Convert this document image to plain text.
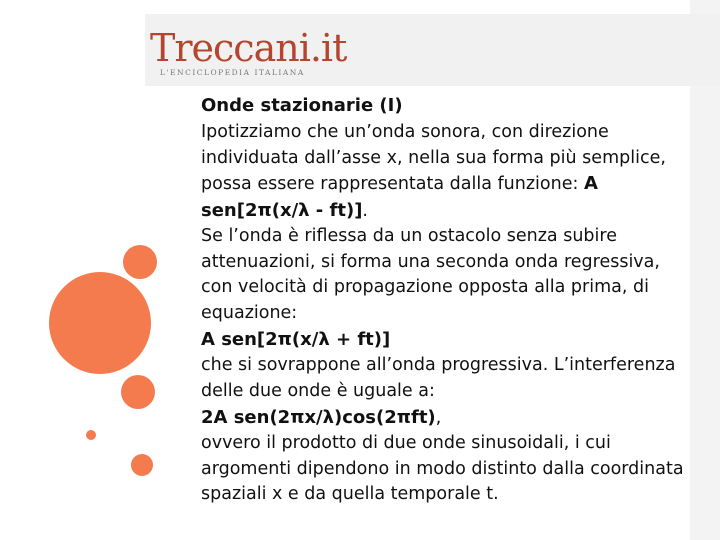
Treccani.it
L'ENCICLOPEDIA ITALIANA

Onde stazionarie (I)

Ipotizziamo che un’onda sonora, con direzione individuata dall’asse x, nella sua forma più semplice, possa essere rappresentata dalla funzione: A sen[2π(x/λ - ft)].

Se l’onda è riflessa da un ostacolo senza subire attenuazioni, si forma una seconda onda regressiva, con velocità di propagazione opposta alla prima, di equazione:

A sen[2π(x/λ + ft)]

che si sovrappone all’onda progressiva. L’interferenza delle due onde è uguale a:

2A sen(2πx/λ)cos(2πft),

ovvero il prodotto di due onde sinusoidali, i cui argomenti dipendono in modo distinto dalla coordinata spaziali x e da quella temporale t.
